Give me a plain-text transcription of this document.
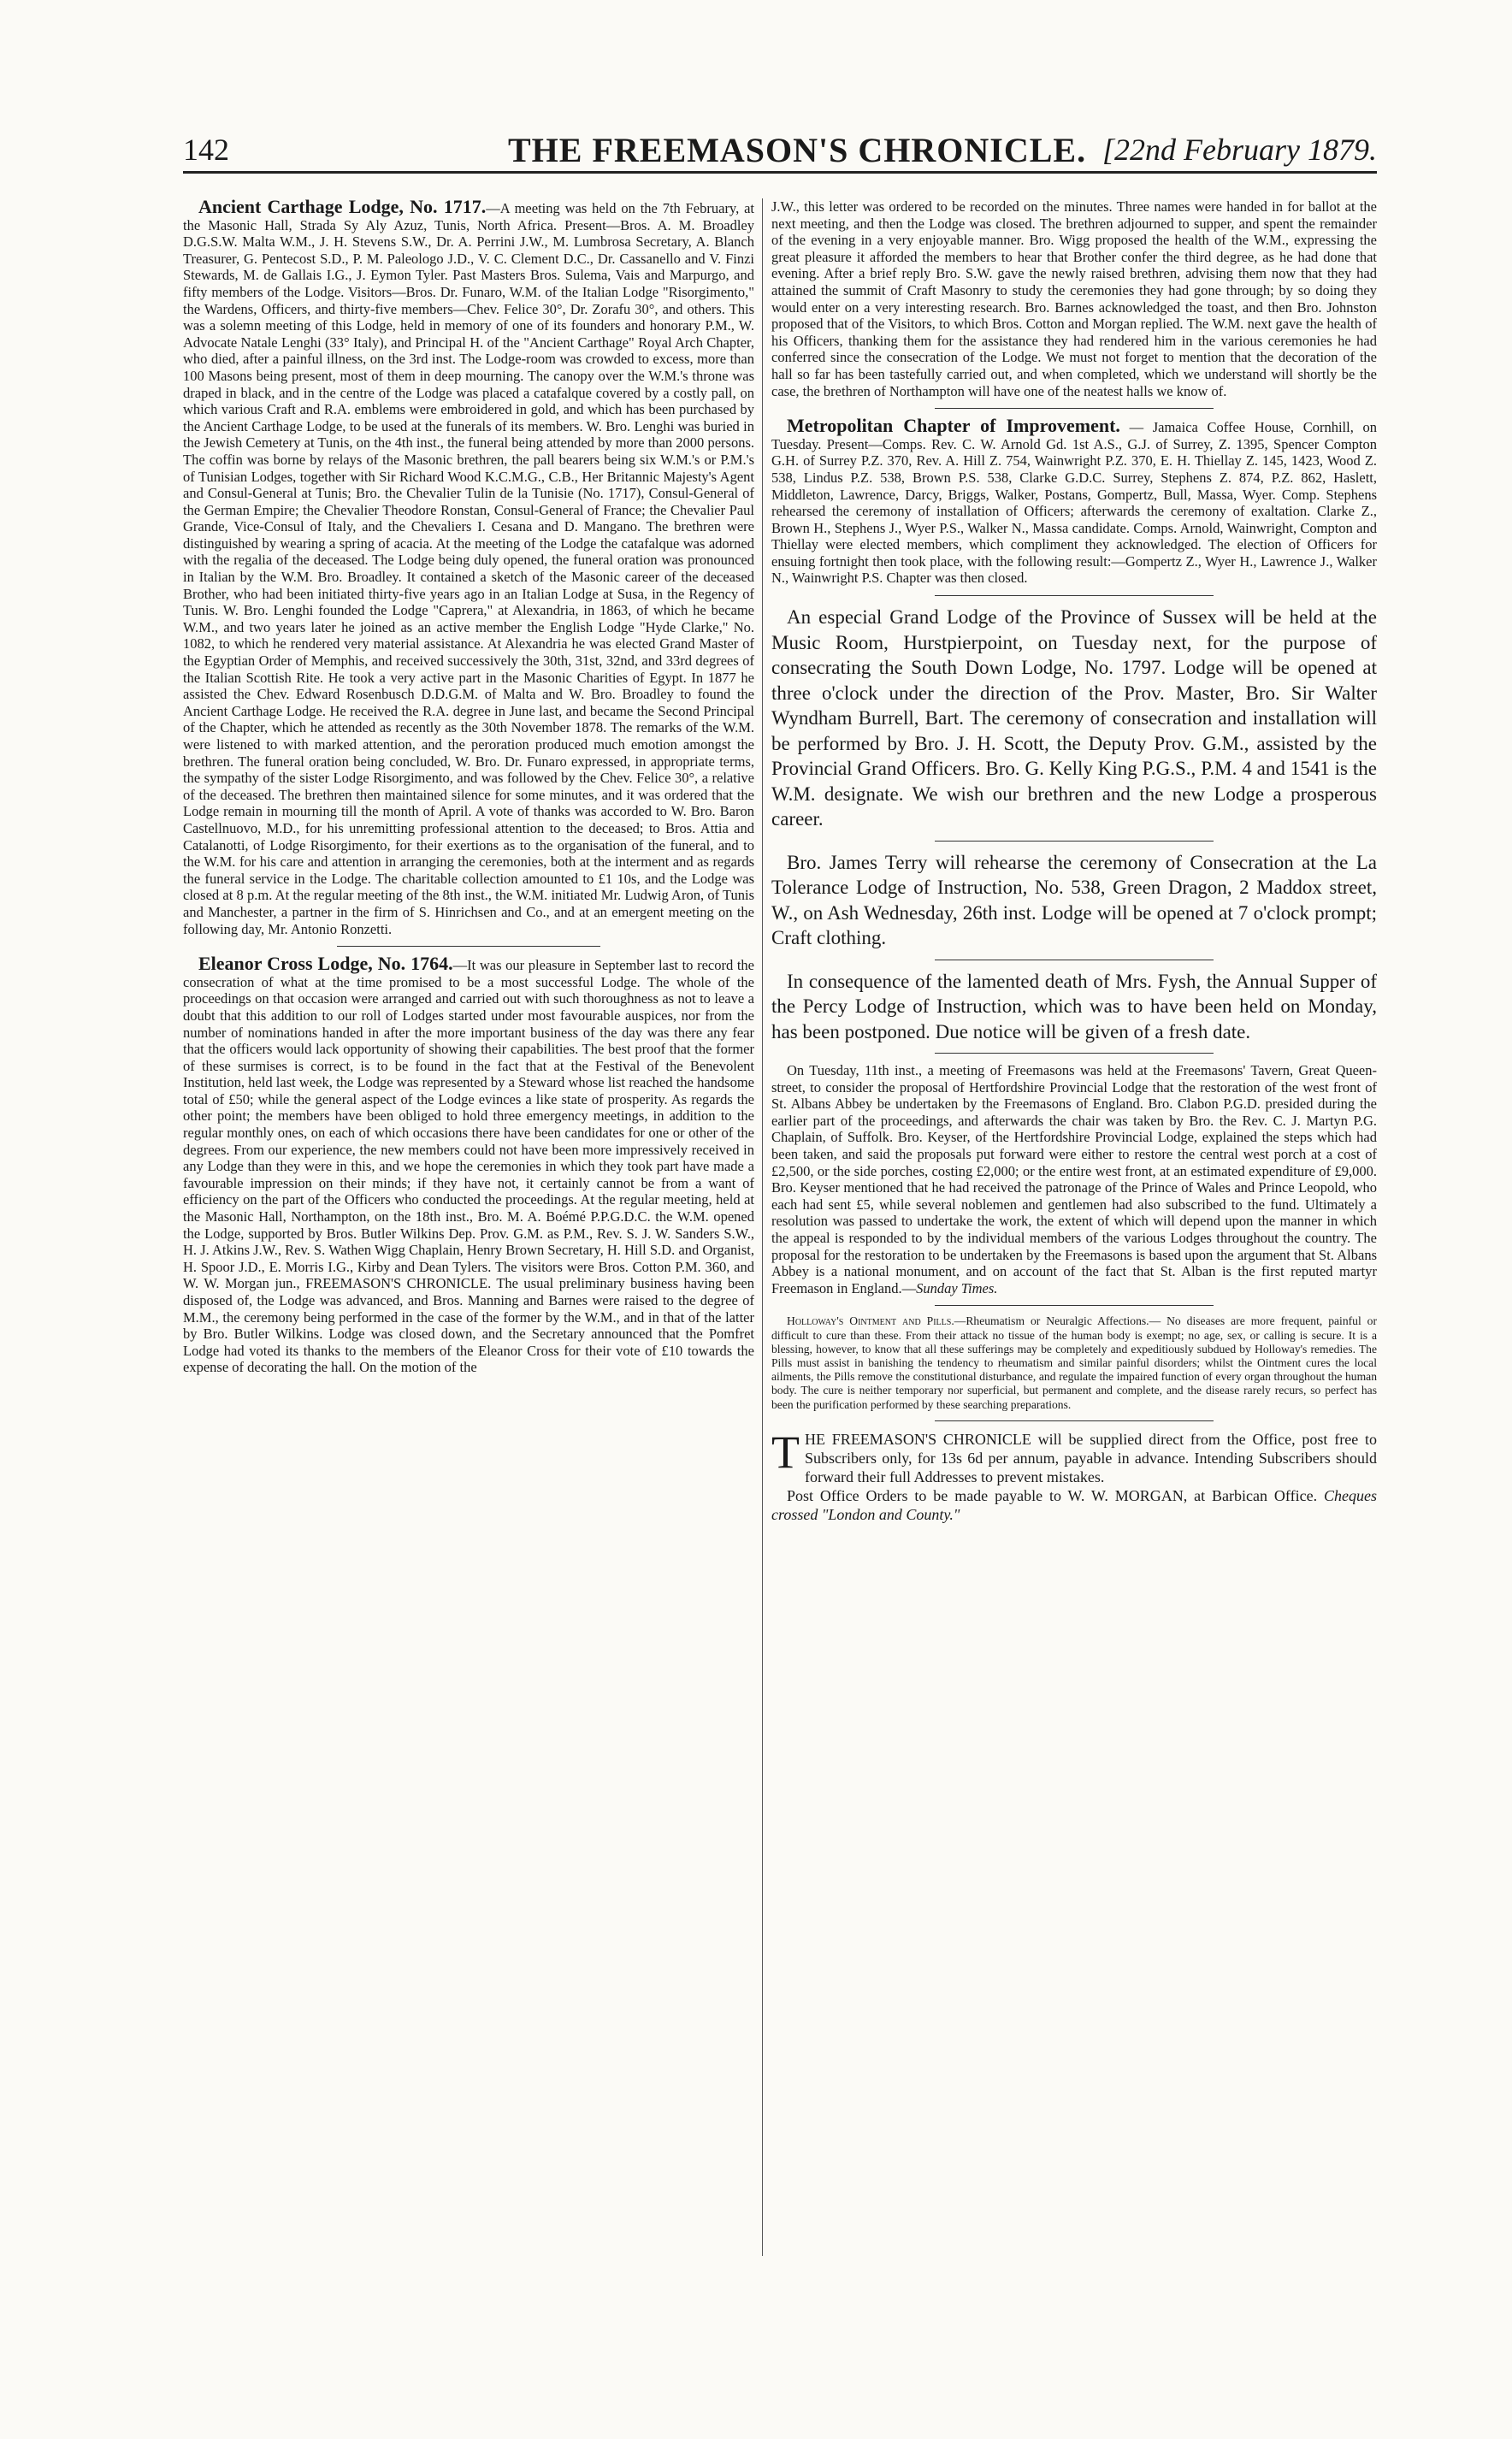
142	THE FREEMASON'S CHRONICLE. [22nd February 1879.

Ancient Carthage Lodge, No. 1717.—A meeting was held on the 7th February, at the Masonic Hall, Strada Sy Aly Azuz, Tunis, North Africa. Present—Bros. A. M. Broadley D.G.S.W. Malta W.M., J. H. Stevens S.W., Dr. A. Perrini J.W., M. Lumbrosa Secretary, A. Blanch Treasurer, G. Pentecost S.D., P. M. Paleologo J.D., V. C. Clement D.C., Dr. Cassanello and V. Finzi Stewards, M. de Gallais I.G., J. Eymon Tyler. Past Masters Bros. Sulema, Vais and Marpurgo, and fifty members of the Lodge. Visitors—Bros. Dr. Funaro, W.M. of the Italian Lodge "Risorgimento," the Wardens, Officers, and thirty-five members—Chev. Felice 30°, Dr. Zorafu 30°, and others. This was a solemn meeting of this Lodge, held in memory of one of its founders and honorary P.M., W. Advocate Natale Lenghi (33° Italy), and Principal H. of the "Ancient Carthage" Royal Arch Chapter, who died, after a painful illness, on the 3rd inst. The Lodge-room was crowded to excess, more than 100 Masons being present, most of them in deep mourning. The canopy over the W.M.'s throne was draped in black, and in the centre of the Lodge was placed a catafalque covered by a costly pall, on which various Craft and R.A. emblems were embroidered in gold, and which has been purchased by the Ancient Carthage Lodge, to be used at the funerals of its members. W. Bro. Lenghi was buried in the Jewish Cemetery at Tunis, on the 4th inst., the funeral being attended by more than 2000 persons. The coffin was borne by relays of the Masonic brethren, the pall bearers being six W.M.'s or P.M.'s of Tunisian Lodges, together with Sir Richard Wood K.C.M.G., C.B., Her Britannic Majesty's Agent and Consul-General at Tunis; Bro. the Chevalier Tulin de la Tunisie (No. 1717), Consul-General of the German Empire; the Chevalier Theodore Ronstan, Consul-General of France; the Chevalier Paul Grande, Vice-Consul of Italy, and the Chevaliers I. Cesana and D. Mangano. The brethren were distinguished by wearing a spring of acacia. At the meeting of the Lodge the catafalque was adorned with the regalia of the deceased. The Lodge being duly opened, the funeral oration was pronounced in Italian by the W.M. Bro. Broadley. It contained a sketch of the Masonic career of the deceased Brother, who had been initiated thirty-five years ago in an Italian Lodge at Susa, in the Regency of Tunis. W. Bro. Lenghi founded the Lodge "Caprera," at Alexandria, in 1863, of which he became W.M., and two years later he joined as an active member the English Lodge "Hyde Clarke," No. 1082, to which he rendered very material assistance. At Alexandria he was elected Grand Master of the Egyptian Order of Memphis, and received successively the 30th, 31st, 32nd, and 33rd degrees of the Italian Scottish Rite. He took a very active part in the Masonic Charities of Egypt. In 1877 he assisted the Chev. Edward Rosenbusch D.D.G.M. of Malta and W. Bro. Broadley to found the Ancient Carthage Lodge. He received the R.A. degree in June last, and became the Second Principal of the Chapter, which he attended as recently as the 30th November 1878. The remarks of the W.M. were listened to with marked attention, and the peroration produced much emotion amongst the brethren. The funeral oration being concluded, W. Bro. Dr. Funaro expressed, in appropriate terms, the sympathy of the sister Lodge Risorgimento, and was followed by the Chev. Felice 30°, a relative of the deceased. The brethren then maintained silence for some minutes, and it was ordered that the Lodge remain in mourning till the month of April. A vote of thanks was accorded to W. Bro. Baron Castellnuovo, M.D., for his unremitting professional attention to the deceased; to Bros. Attia and Catalanotti, of Lodge Risorgimento, for their exertions as to the organisation of the funeral, and to the W.M. for his care and attention in arranging the ceremonies, both at the interment and as regards the funeral service in the Lodge. The charitable collection amounted to £1 10s, and the Lodge was closed at 8 p.m. At the regular meeting of the 8th inst., the W.M. initiated Mr. Ludwig Aron, of Tunis and Manchester, a partner in the firm of S. Hinrichsen and Co., and at an emergent meeting on the following day, Mr. Antonio Ronzetti.

Eleanor Cross Lodge, No. 1764.—It was our pleasure in September last to record the consecration of what at the time promised to be a most successful Lodge. The whole of the proceedings on that occasion were arranged and carried out with such thoroughness as not to leave a doubt that this addition to our roll of Lodges started under most favourable auspices, nor from the number of nominations handed in after the more important business of the day was there any fear that the officers would lack opportunity of showing their capabilities. The best proof that the former of these surmises is correct, is to be found in the fact that at the Festival of the Benevolent Institution, held last week, the Lodge was represented by a Steward whose list reached the handsome total of £50; while the general aspect of the Lodge evinces a like state of prosperity. As regards the other point; the members have been obliged to hold three emergency meetings, in addition to the regular monthly ones, on each of which occasions there have been candidates for one or other of the degrees. From our experience, the new members could not have been more impressively received in any Lodge than they were in this, and we hope the ceremonies in which they took part have made a favourable impression on their minds; if they have not, it certainly cannot be from a want of efficiency on the part of the Officers who conducted the proceedings. At the regular meeting, held at the Masonic Hall, Northampton, on the 18th inst., Bro. M. A. Boémé P.P.G.D.C. the W.M. opened the Lodge, supported by Bros. Butler Wilkins Dep. Prov. G.M. as P.M., Rev. S. J. W. Sanders S.W., H. J. Atkins J.W., Rev. S. Wathen Wigg Chaplain, Henry Brown Secretary, H. Hill S.D. and Organist, H. Spoor J.D., E. Morris I.G., Kirby and Dean Tylers. The visitors were Bros. Cotton P.M. 360, and W. W. Morgan jun., FREEMASON'S CHRONICLE. The usual preliminary business having been disposed of, the Lodge was advanced, and Bros. Manning and Barnes were raised to the degree of M.M., the ceremony being performed in the case of the former by the W.M., and in that of the latter by Bro. Butler Wilkins. Lodge was closed down, and the Secretary announced that the Pomfret Lodge had voted its thanks to the members of the Eleanor Cross for their vote of £10 towards the expense of decorating the hall. On the motion of the

J.W., this letter was ordered to be recorded on the minutes. Three names were handed in for ballot at the next meeting, and then the Lodge was closed. The brethren adjourned to supper, and spent the remainder of the evening in a very enjoyable manner. Bro. Wigg proposed the health of the W.M., expressing the great pleasure it afforded the members to hear that Brother confer the third degree, as he had done that evening. After a brief reply Bro. S.W. gave the newly raised brethren, advising them now that they had attained the summit of Craft Masonry to study the ceremonies they had gone through; by so doing they would enter on a very interesting research. Bro. Barnes acknowledged the toast, and then Bro. Johnston proposed that of the Visitors, to which Bros. Cotton and Morgan replied. The W.M. next gave the health of his Officers, thanking them for the assistance they had rendered him in the various ceremonies he had conferred since the consecration of the Lodge. We must not forget to mention that the decoration of the hall so far has been tastefully carried out, and when completed, which we understand will shortly be the case, the brethren of Northampton will have one of the neatest halls we know of.

Metropolitan Chapter of Improvement. — Jamaica Coffee House, Cornhill, on Tuesday. Present—Comps. Rev. C. W. Arnold Gd. 1st A.S., G.J. of Surrey, Z. 1395, Spencer Compton G.H. of Surrey P.Z. 370, Rev. A. Hill Z. 754, Wainwright P.Z. 370, E. H. Thiellay Z. 145, 1423, Wood Z. 538, Lindus P.Z. 538, Brown P.S. 538, Clarke G.D.C. Surrey, Stephens Z. 874, P.Z. 862, Haslett, Middleton, Lawrence, Darcy, Briggs, Walker, Postans, Gompertz, Bull, Massa, Wyer. Comp. Stephens rehearsed the ceremony of installation of Officers; afterwards the ceremony of exaltation. Clarke Z., Brown H., Stephens J., Wyer P.S., Walker N., Massa candidate. Comps. Arnold, Wainwright, Compton and Thiellay were elected members, which compliment they acknowledged. The election of Officers for ensuing fortnight then took place, with the following result:—Gompertz Z., Wyer H., Lawrence J., Walker N., Wainwright P.S. Chapter was then closed.

An especial Grand Lodge of the Province of Sussex will be held at the Music Room, Hurstpierpoint, on Tuesday next, for the purpose of consecrating the South Down Lodge, No. 1797. Lodge will be opened at three o'clock under the direction of the Prov. Master, Bro. Sir Walter Wyndham Burrell, Bart. The ceremony of consecration and installation will be performed by Bro. J. H. Scott, the Deputy Prov. G.M., assisted by the Provincial Grand Officers. Bro. G. Kelly King P.G.S., P.M. 4 and 1541 is the W.M. designate. We wish our brethren and the new Lodge a prosperous career.

Bro. James Terry will rehearse the ceremony of Consecration at the La Tolerance Lodge of Instruction, No. 538, Green Dragon, 2 Maddox street, W., on Ash Wednesday, 26th inst. Lodge will be opened at 7 o'clock prompt; Craft clothing.

In consequence of the lamented death of Mrs. Fysh, the Annual Supper of the Percy Lodge of Instruction, which was to have been held on Monday, has been postponed. Due notice will be given of a fresh date.

On Tuesday, 11th inst., a meeting of Freemasons was held at the Freemasons' Tavern, Great Queen-street, to consider the proposal of Hertfordshire Provincial Lodge that the restoration of the west front of St. Albans Abbey be undertaken by the Freemasons of England. Bro. Clabon P.G.D. presided during the earlier part of the proceedings, and afterwards the chair was taken by Bro. the Rev. C. J. Martyn P.G. Chaplain, of Suffolk. Bro. Keyser, of the Hertfordshire Provincial Lodge, explained the steps which had been taken, and said the proposals put forward were either to restore the central west porch at a cost of £2,500, or the side porches, costing £2,000; or the entire west front, at an estimated expenditure of £9,000. Bro. Keyser mentioned that he had received the patronage of the Prince of Wales and Prince Leopold, who each had sent £5, while several noblemen and gentlemen had also subscribed to the fund. Ultimately a resolution was passed to undertake the work, the extent of which will depend upon the manner in which the appeal is responded to by the individual members of the various Lodges throughout the country. The proposal for the restoration to be undertaken by the Freemasons is based upon the argument that St. Albans Abbey is a national monument, and on account of the fact that St. Alban is the first reputed martyr Freemason in England.—Sunday Times.

Holloway's Ointment and Pills.—Rheumatism or Neuralgic Affections.— No diseases are more frequent, painful or difficult to cure than these. From their attack no tissue of the human body is exempt; no age, sex, or calling is secure. It is a blessing, however, to know that all these sufferings may be completely and expeditiously subdued by Holloway's remedies. The Pills must assist in banishing the tendency to rheumatism and similar painful disorders; whilst the Ointment cures the local ailments, the Pills remove the constitutional disturbance, and regulate the impaired function of every organ throughout the human body. The cure is neither temporary nor superficial, but permanent and complete, and the disease rarely recurs, so perfect has been the purification performed by these searching preparations.

T HE FREEMASON'S CHRONICLE will be supplied direct from the Office, post free to Subscribers only, for 13s 6d per annum, payable in advance. Intending Subscribers should forward their full Addresses to prevent mistakes.

Post Office Orders to be made payable to W. W. MORGAN, at Barbican Office. Cheques crossed "London and County."
